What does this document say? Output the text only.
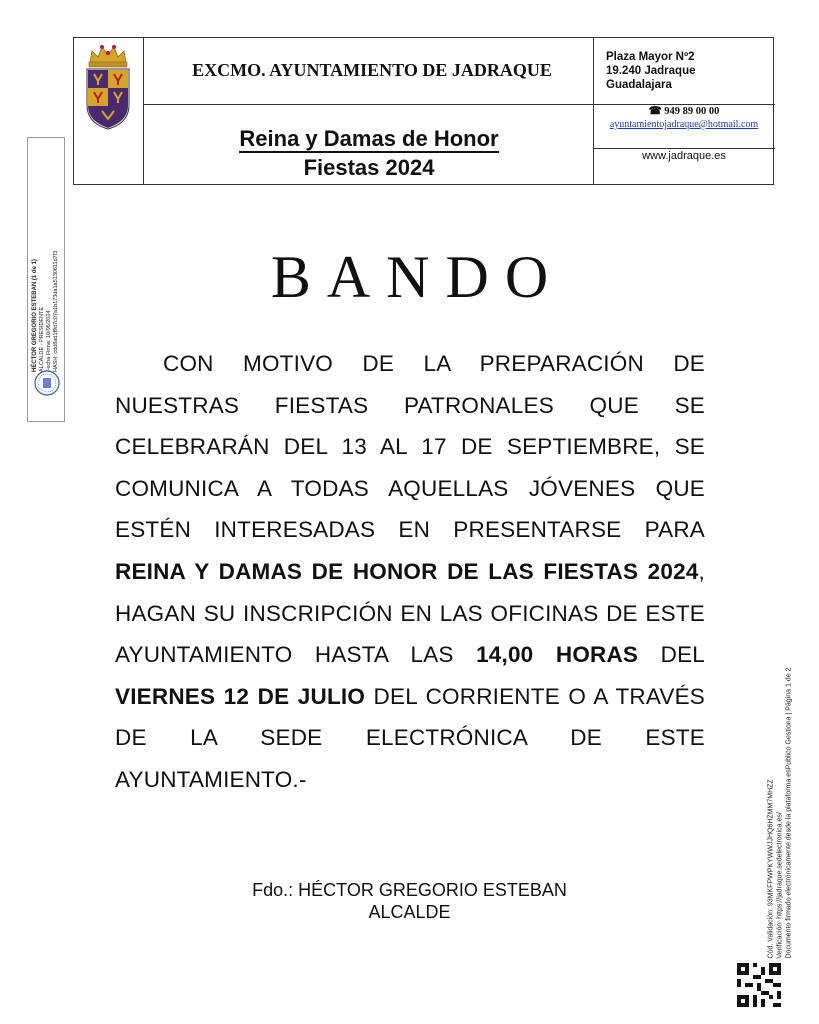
EXCMO. AYUNTAMIENTO DE JADRAQUE
Reina y Damas de Honor
Fiestas 2024
Plaza Mayor Nº2
19.240 Jadraque
Guadalajara
☎ 949 89 00 00
ayuntamientojadraque@hotmail.com
www.jadraque.es
HÉCTOR GREGORIO ESTEBAN (1 de 1)
ALCALDE - PRESIDENTE
Fecha Firma: 10/06/2024
HASH: cdd8ad1f9d7c07a1b173da1a5130611d7f3	BANDO

CON MOTIVO DE LA PREPARACIÓN DE NUESTRAS FIESTAS PATRONALES QUE SE CELEBRARÁN DEL 13 AL 17 DE SEPTIEMBRE, SE COMUNICA A TODAS AQUELLAS JÓVENES QUE ESTÉN INTERESADAS EN PRESENTARSE PARA REINA Y DAMAS DE HONOR DE LAS FIESTAS 2024, HAGAN SU INSCRIPCIÓN EN LAS OFICINAS DE ESTE AYUNTAMIENTO HASTA LAS 14,00 HORAS DEL VIERNES 12 DE JULIO DEL CORRIENTE O A TRAVÉS DE LA SEDE ELECTRÓNICA DE ESTE AYUNTAMIENTO.-

Fdo.: HÉCTOR GREGORIO ESTEBAN
ALCALDE	Cód. Validación: 93MKFPWPKYWWJJHQ6HZMM7MHZZ Verificación: https://jadraque.sedelectronica.es/ Documento firmado electrónicamente desde la plataforma esPublico Gestiona | Página 1 de 2
